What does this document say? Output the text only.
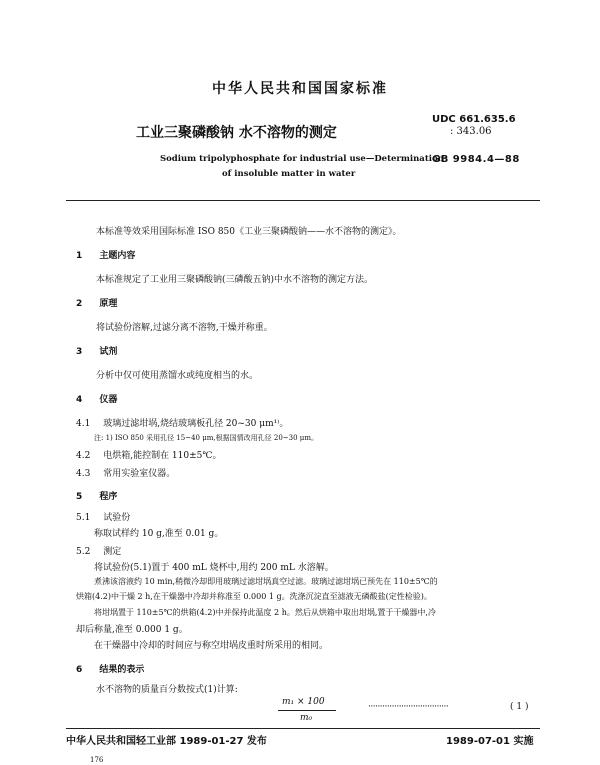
中华人民共和国国家标准
工业三聚磷酸钠 水不溶物的测定
UDC 661.635.6
: 343.06
Sodium tripolyphosphate for industrial use—Determination
of insoluble matter in water
GB 9984.4—88
本标准等效采用国际标准 ISO 850《工业三聚磷酸钠——水不溶物的测定》。
1 主题内容
本标准规定了工业用三聚磷酸钠(三磷酸五钠)中水不溶物的测定方法。
2 原理
将试验份溶解,过滤分离不溶物,干燥并称重。
3 试剂
分析中仅可使用蒸馏水或纯度相当的水。
4 仪器
4.1 玻璃过滤坩埚,烧结玻璃板孔径 20~30 μm¹⁾。
注: 1) ISO 850 采用孔径 15~40 μm,根据国情改用孔径 20~30 μm。
4.2 电烘箱,能控制在 110±5℃。
4.3 常用实验室仪器。
5 程序
5.1 试验份
称取试样约 10 g,准至 0.01 g。
5.2 测定
将试验份(5.1)置于 400 mL 烧杯中,用约 200 mL 水溶解。
煮沸该溶液约 10 min,稍微冷却即用玻璃过滤坩埚真空过滤。玻璃过滤坩埚已预先在 110±5℃的
烘箱(4.2)中干燥 2 h,在干燥器中冷却并称准至 0.000 1 g。洗涤沉淀直至滤液无磷酸盐(定性检验)。
将坩埚置于 110±5℃的烘箱(4.2)中并保持此温度 2 h。然后从烘箱中取出坩埚,置于干燥器中,冷
却后称量,准至 0.000 1 g。
在干燥器中冷却的时间应与称空坩埚皮重时所采用的相同。
6 结果的表示
水不溶物的质量百分数按式(1)计算:
m₁ × 100
m₀
··································	( 1 )
中华人民共和国轻工业部 1989-01-27 发布	1989-07-01 实施
176
